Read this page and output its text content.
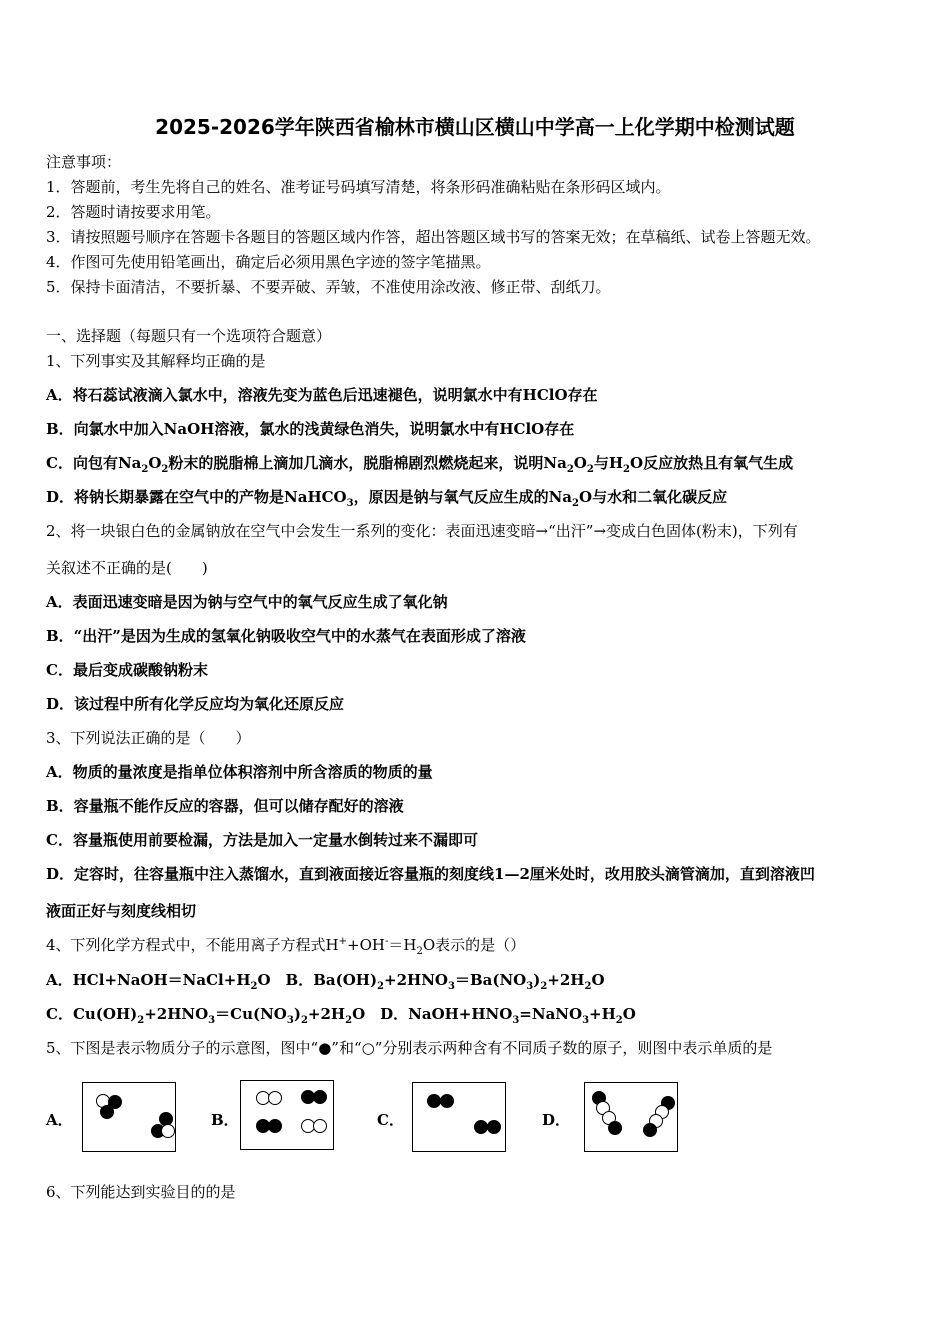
2025-2026学年陕西省榆林市横山区横山中学高一上化学期中检测试题
注意事项：
1．答题前，考生先将自己的姓名、准考证号码填写清楚，将条形码准确粘贴在条形码区域内。
2．答题时请按要求用笔。
3．请按照题号顺序在答题卡各题目的答题区域内作答，超出答题区域书写的答案无效；在草稿纸、试卷上答题无效。
4．作图可先使用铅笔画出，确定后必须用黑色字迹的签字笔描黑。
5．保持卡面清洁，不要折暴、不要弄破、弄皱，不准使用涂改液、修正带、刮纸刀。
一、选择题（每题只有一个选项符合题意）
1、下列事实及其解释均正确的是
A．将石蕊试液滴入氯水中，溶液先变为蓝色后迅速褪色，说明氯水中有HClO存在
B．向氯水中加入NaOH溶液，氯水的浅黄绿色消失，说明氯水中有HClO存在
C．向包有$Na_2O_2$粉末的脱脂棉上滴加几滴水，脱脂棉剧烈燃烧起来，说明$Na_2O_2$与$H_2O$反应放热且有氧气生成
D．将钠长期暴露在空气中的产物是NaHCO$_3$，原因是钠与氧气反应生成的$Na_2O$与水和二氧化碳反应
2、将一块银白色的金属钠放在空气中会发生一系列的变化：表面迅速变暗→“出汗”→变成白色固体(粉末)，下列有
关叙述不正确的是(　　)
A．表面迅速变暗是因为钠与空气中的氧气反应生成了氧化钠
B．“出汗”是因为生成的氢氧化钠吸收空气中的水蒸气在表面形成了溶液
C．最后变成碳酸钠粉末
D．该过程中所有化学反应均为氧化还原反应
3、下列说法正确的是（　　）
A．物质的量浓度是指单位体积溶剂中所含溶质的物质的量
B．容量瓶不能作反应的容器，但可以储存配好的溶液
C．容量瓶使用前要检漏，方法是加入一定量水倒转过来不漏即可
D．定容时，往容量瓶中注入蒸馏水，直到液面接近容量瓶的刻度线1—2厘米处时，改用胶头滴管滴加，直到溶液凹
液面正好与刻度线相切
4、下列化学方程式中，不能用离子方程式$H^++OH^-=H_2O$表示的是（）
A．$HCl+NaOH=NaCl+H_2O$　B．$Ba(OH)_2+2HNO_3=Ba(NO_3)_2+2H_2O$
C．$Cu(OH)_2+2HNO_3=Cu(NO_3)_2+2H_2O$　D．$NaOH+HNO_3=NaNO_3+H_2O$
5、下图是表示物质分子的示意图，图中“●”和“○”分别表示两种含有不同质子数的原子，则图中表示单质的是
A．	B．	C．	D．
6、下列能达到实验目的的是
